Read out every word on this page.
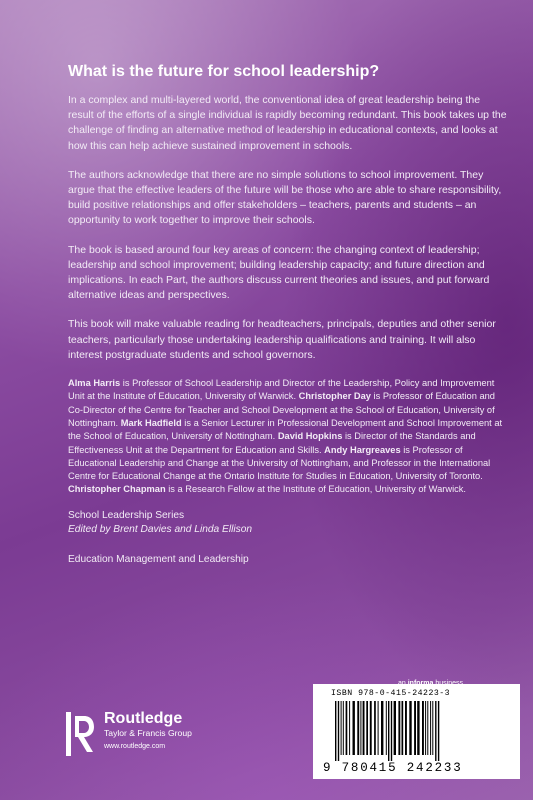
What is the future for school leadership?

In a complex and multi-layered world, the conventional idea of great leadership being the result of the efforts of a single individual is rapidly becoming redundant. This book takes up the challenge of finding an alternative method of leadership in educational contexts, and looks at how this can help achieve sustained improvement in schools.

The authors acknowledge that there are no simple solutions to school improvement. They argue that the effective leaders of the future will be those who are able to share responsibility, build positive relationships and offer stakeholders – teachers, parents and students – an opportunity to work together to improve their schools.

The book is based around four key areas of concern: the changing context of leadership; leadership and school improvement; building leadership capacity; and future direction and implications. In each Part, the authors discuss current theories and issues, and put forward alternative ideas and perspectives.

This book will make valuable reading for headteachers, principals, deputies and other senior teachers, particularly those undertaking leadership qualifications and training. It will also interest postgraduate students and school governors.

Alma Harris is Professor of School Leadership and Director of the Leadership, Policy and Improvement Unit at the Institute of Education, University of Warwick. Christopher Day is Professor of Education and Co-Director of the Centre for Teacher and School Development at the School of Education, University of Nottingham. Mark Hadfield is a Senior Lecturer in Professional Development and School Improvement at the School of Education, University of Nottingham. David Hopkins is Director of the Standards and Effectiveness Unit at the Department for Education and Skills. Andy Hargreaves is Professor of Educational Leadership and Change at the University of Nottingham, and Professor in the International Centre for Educational Change at the Ontario Institute for Studies in Education, University of Toronto. Christopher Chapman is a Research Fellow at the Institute of Education, University of Warwick.

School Leadership Series

Edited by Brent Davies and Linda Ellison

Education Management and Leadership
ISBN 978-0-415-24223-3
9 780415 242233
Routledge
Taylor & Francis Group
www.routledge.com
